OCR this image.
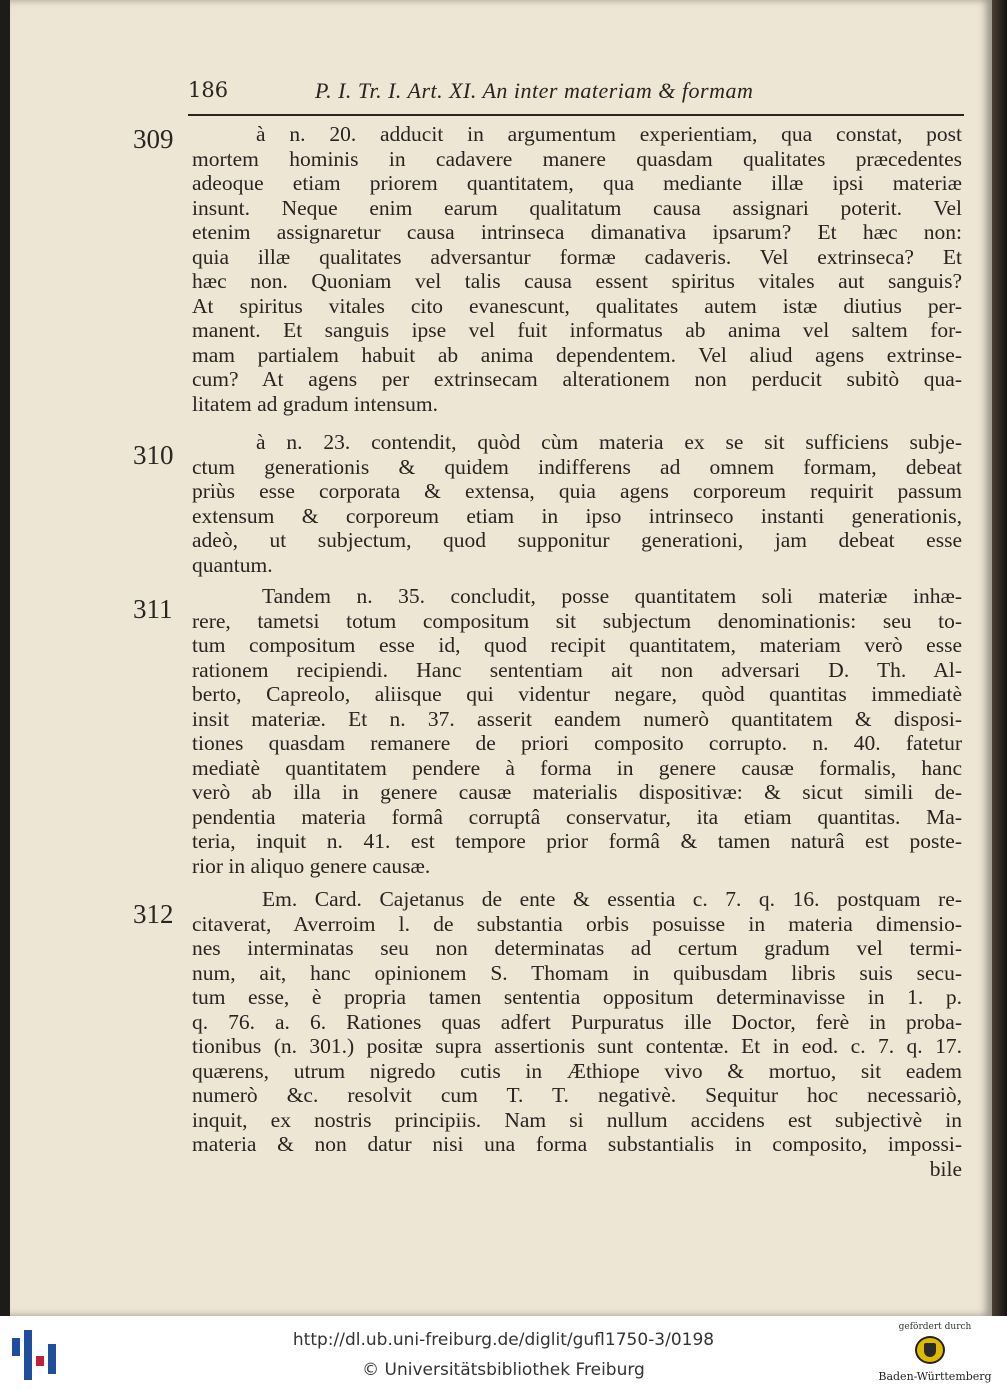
186	P. I. Tr. I. Art. XI. An inter materiam & formam
309	à n. 20. adducit in argumentum experientiam, qua constat, post
mortem hominis in cadavere manere quasdam qualitates præcedentes
adeoque etiam priorem quantitatem, qua mediante illæ ipsi materiæ
insunt. Neque enim earum qualitatum causa assignari poterit. Vel
etenim assignaretur causa intrinseca dimanativa ipsarum? Et hæc non:
quia illæ qualitates adversantur formæ cadaveris. Vel extrinseca? Et
hæc non. Quoniam vel talis causa essent spiritus vitales aut sanguis?
At spiritus vitales cito evanescunt, qualitates autem istæ diutius per-
manent. Et sanguis ipse vel fuit informatus ab anima vel saltem for-
mam partialem habuit ab anima dependentem. Vel aliud agens extrinse-
cum? At agens per extrinsecam alterationem non perducit subitò qua-
litatem ad gradum intensum.
310	à n. 23. contendit, quòd cùm materia ex se sit sufficiens subje-
ctum generationis & quidem indifferens ad omnem formam, debeat
priùs esse corporata & extensa, quia agens corporeum requirit passum
extensum & corporeum etiam in ipso intrinseco instanti generationis,
adeò, ut subjectum, quod supponitur generationi, jam debeat esse
quantum.
311	Tandem n. 35. concludit, posse quantitatem soli materiæ inhæ-
rere, tametsi totum compositum sit subjectum denominationis: seu to-
tum compositum esse id, quod recipit quantitatem, materiam verò esse
rationem recipiendi. Hanc sententiam ait non adversari D. Th. Al-
berto, Capreolo, aliisque qui videntur negare, quòd quantitas immediatè
insit materiæ. Et n. 37. asserit eandem numerò quantitatem & disposi-
tiones quasdam remanere de priori composito corrupto. n. 40. fatetur
mediatè quantitatem pendere à forma in genere causæ formalis, hanc
verò ab illa in genere causæ materialis dispositivæ: & sicut simili de-
pendentia materia formâ corruptâ conservatur, ita etiam quantitas. Ma-
teria, inquit n. 41. est tempore prior formâ & tamen naturâ est poste-
rior in aliquo genere causæ.
312	Em. Card. Cajetanus de ente & essentia c. 7. q. 16. postquam re-
citaverat, Averroim l. de substantia orbis posuisse in materia dimensio-
nes interminatas seu non determinatas ad certum gradum vel termi-
num, ait, hanc opinionem S. Thomam in quibusdam libris suis secu-
tum esse, è propria tamen sententia oppositum determinavisse in 1. p.
q. 76. a. 6. Rationes quas adfert Purpuratus ille Doctor, ferè in proba-
tionibus (n. 301.) positæ supra assertionis sunt contentæ. Et in eod. c. 7. q. 17.
quærens, utrum nigredo cutis in Æthiope vivo & mortuo, sit eadem
numerò &c. resolvit cum T. T. negativè. Sequitur hoc necessariò,
inquit, ex nostris principiis. Nam si nullum accidens est subjectivè in
materia & non datur nisi una forma substantialis in composito, impossi-
bile
http://dl.ub.uni-freiburg.de/diglit/gufl1750-3/0198
© Universitätsbibliothek Freiburg
gefördert durch
Baden-Württemberg
